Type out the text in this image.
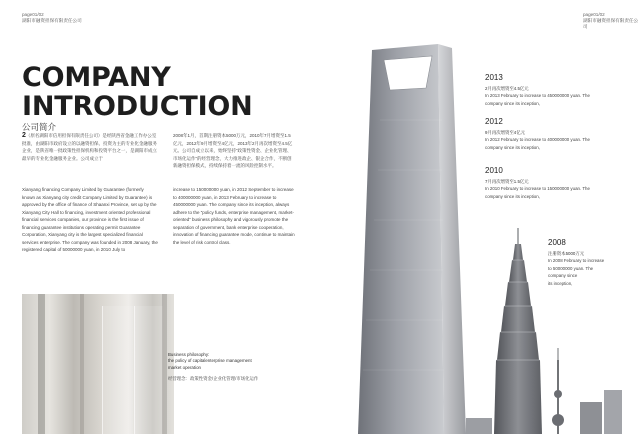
page01/02
湖阳市融资担保有限责任公司
page01/02
湖阳市融资担保有限责任公司
COMPANY
INTRODUCTION
公司简介
2（原名湖阳市信用担保有限责任公司）是经陕西省金融工作办公室批准，由湖阳市政府设立的以融资担保、投资为主的专业化金融服务企业，是陕省唯一批政策性担保机构和投资平台之一，是湖阳市成立最早的专业化金融服务企业。公司成立于
2008年1月，首期注册资本5000万元，2010年7月增资至1.5亿元，2012年9月增资至4亿元，2013年2月再次增资至4.5亿元。公司自成立以来，始终坚持“政策性资金、企业化管理、市场化运作”的经营理念，大力推进政企、银企合作，不断创新融资担保模式，持续保持着一流的风险控制水平。
Xianyang financing Company Limited by Guarantee (formerly known as Xianyang city credit Company Limited by Guarantee) is approved by the office of finance of Shaanxi Province, set up by the Xianyang City Hall to financing, investment oriented professional financial services companies, our province is the first issue of financing guarantee institutions operating permit Guarantee Corporation, Xianyang city is the largest specialized financial services enterprise. The company was founded in 2008 January, the registered capital of 50000000 yuan, in 2010 July to
increase to 150000000 yuan, in 2012 September to increase to 400000000 yuan, in 2013 February to increase to 450000000 yuan. The company since its inception, always adhere to the “policy funds, enterprise management, market-oriented” business philosophy and vigorously promote the separation of government, bank enterprise cooperation, innovation of financing guarantee mode, continue to maintain the level of risk control class.
Business philosophy:
the policy of capitalenterprise management
market operation
经营理念：政策性资金/企业化管理/市场化运作
2013
2月再次增资至4.5亿元
In 2013 February to increase to 450000000 yuan. The
company since its inception,
2012
9月再次增资至4亿元
In 2012 February to increase to 400000000 yuan. The
company since its inception,
2010
7月再次增资至1.5亿元
In 2010 February to increase to 150000000 yuan. The
company since its inception,
2008
注册资本5000万元
In 2008 February to increase
to 50000000 yuan. The
company since
its inception,
